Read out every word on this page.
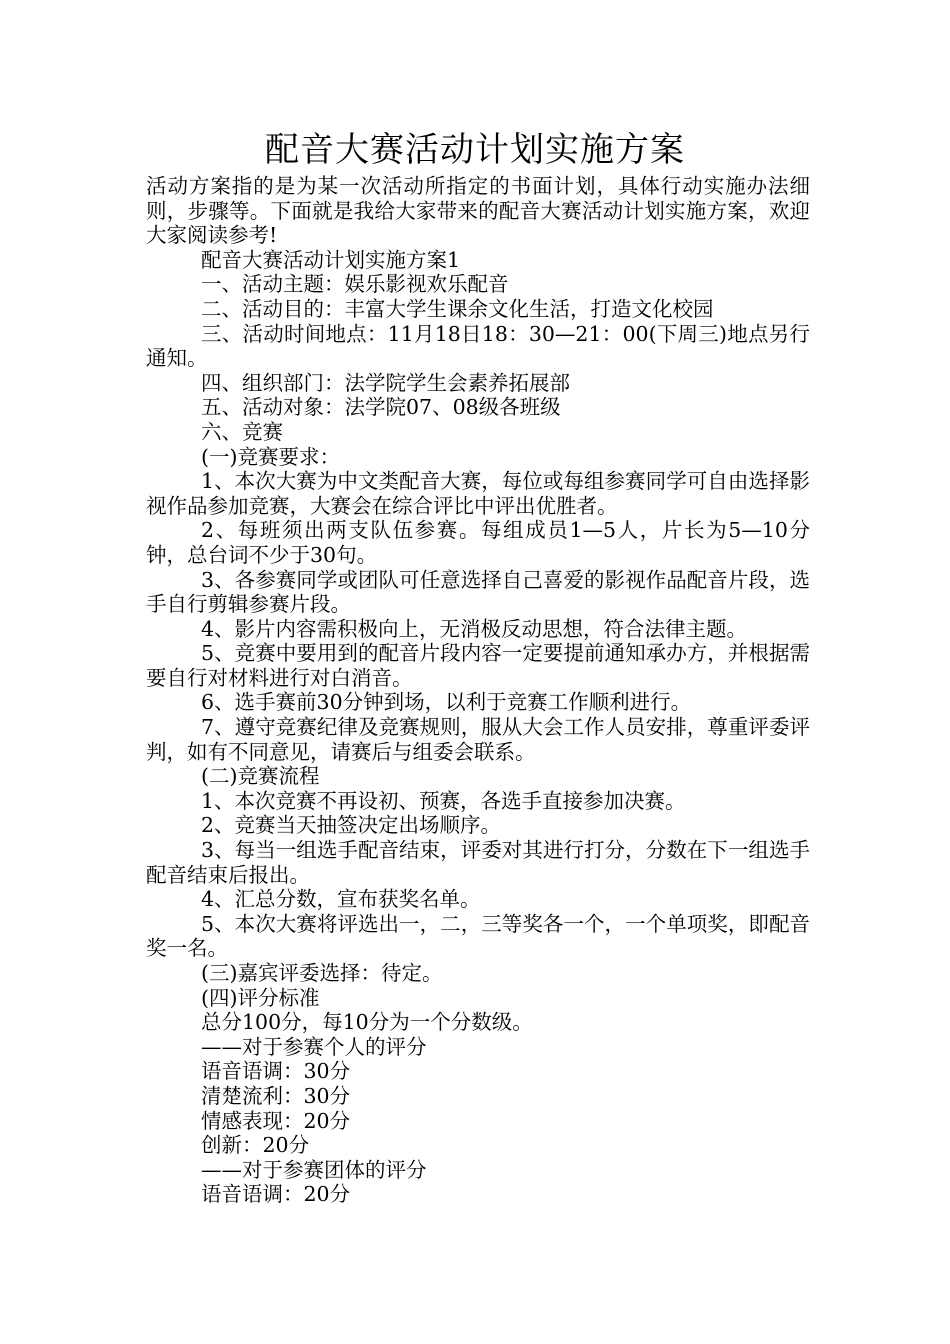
配音大赛活动计划实施方案

活动方案指的是为某一次活动所指定的书面计划，具体行动实施办法细则，步骤等。下面就是我给大家带来的配音大赛活动计划实施方案，欢迎大家阅读参考!

配音大赛活动计划实施方案1

一、活动主题：娱乐影视欢乐配音

二、活动目的：丰富大学生课余文化生活，打造文化校园

三、活动时间地点：11月18日18：30—21：00(下周三)地点另行通知。

四、组织部门：法学院学生会素养拓展部

五、活动对象：法学院07、08级各班级

六、竞赛

(一)竞赛要求：

1、本次大赛为中文类配音大赛，每位或每组参赛同学可自由选择影视作品参加竞赛，大赛会在综合评比中评出优胜者。

2、每班须出两支队伍参赛。每组成员1—5人，片长为5—10分钟，总台词不少于30句。

3、各参赛同学或团队可任意选择自己喜爱的影视作品配音片段，选手自行剪辑参赛片段。

4、影片内容需积极向上，无消极反动思想，符合法律主题。

5、竞赛中要用到的配音片段内容一定要提前通知承办方，并根据需要自行对材料进行对白消音。

6、选手赛前30分钟到场，以利于竞赛工作顺利进行。

7、遵守竞赛纪律及竞赛规则，服从大会工作人员安排，尊重评委评判，如有不同意见，请赛后与组委会联系。

(二)竞赛流程

1、本次竞赛不再设初、预赛，各选手直接参加决赛。

2、竞赛当天抽签决定出场顺序。

3、每当一组选手配音结束，评委对其进行打分，分数在下一组选手配音结束后报出。

4、汇总分数，宣布获奖名单。

5、本次大赛将评选出一，二，三等奖各一个，一个单项奖，即配音奖一名。

(三)嘉宾评委选择：待定。

(四)评分标准

总分100分，每10分为一个分数级。

——对于参赛个人的评分

语音语调：30分

清楚流利：30分

情感表现：20分

创新：20分

——对于参赛团体的评分

语音语调：20分
